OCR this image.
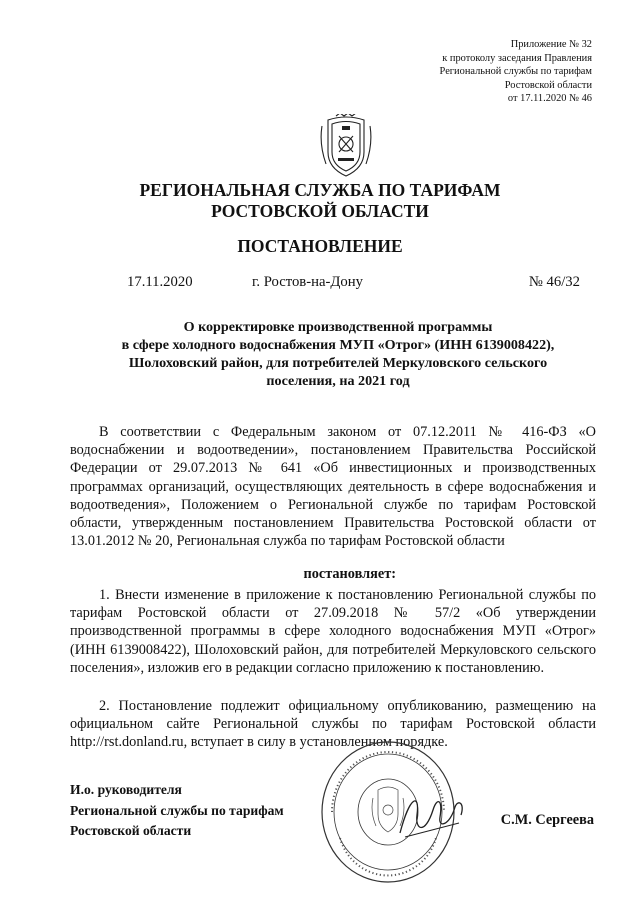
Приложение № 32
к протоколу заседания Правления
Региональной службы по тарифам
Ростовской области
от 17.11.2020 № 46
РЕГИОНАЛЬНАЯ СЛУЖБА ПО ТАРИФАМ
РОСТОВСКОЙ ОБЛАСТИ
ПОСТАНОВЛЕНИЕ
17.11.2020	г. Ростов-на-Дону	№ 46/32
О корректировке производственной программы
в сфере холодного водоснабжения МУП «Отрог» (ИНН 6139008422),
Шолоховский район, для потребителей Меркуловского сельского
поселения, на 2021 год
В соответствии с Федеральным законом от 07.12.2011 № 416-ФЗ «О водоснабжении и водоотведении», постановлением Правительства Российской Федерации от 29.07.2013 № 641 «Об инвестиционных и производственных программах организаций, осуществляющих деятельность в сфере водоснабжения и водоотведения», Положением о Региональной службе по тарифам Ростовской области, утвержденным постановлением Правительства Ростовской области от 13.01.2012 № 20, Региональная служба по тарифам Ростовской области
постановляет:
1. Внести изменение в приложение к постановлению Региональной службы по тарифам Ростовской области от 27.09.2018 № 57/2 «Об утверждении производственной программы в сфере холодного водоснабжения МУП «Отрог» (ИНН 6139008422), Шолоховский район, для потребителей Меркуловского сельского поселения», изложив его в редакции согласно приложению к постановлению.
2. Постановление подлежит официальному опубликованию, размещению на официальном сайте Региональной службы по тарифам Ростовской области http://rst.donland.ru, вступает в силу в установленном порядке.
И.о. руководителя
Региональной службы по тарифам
Ростовской области
С.М. Сергеева
